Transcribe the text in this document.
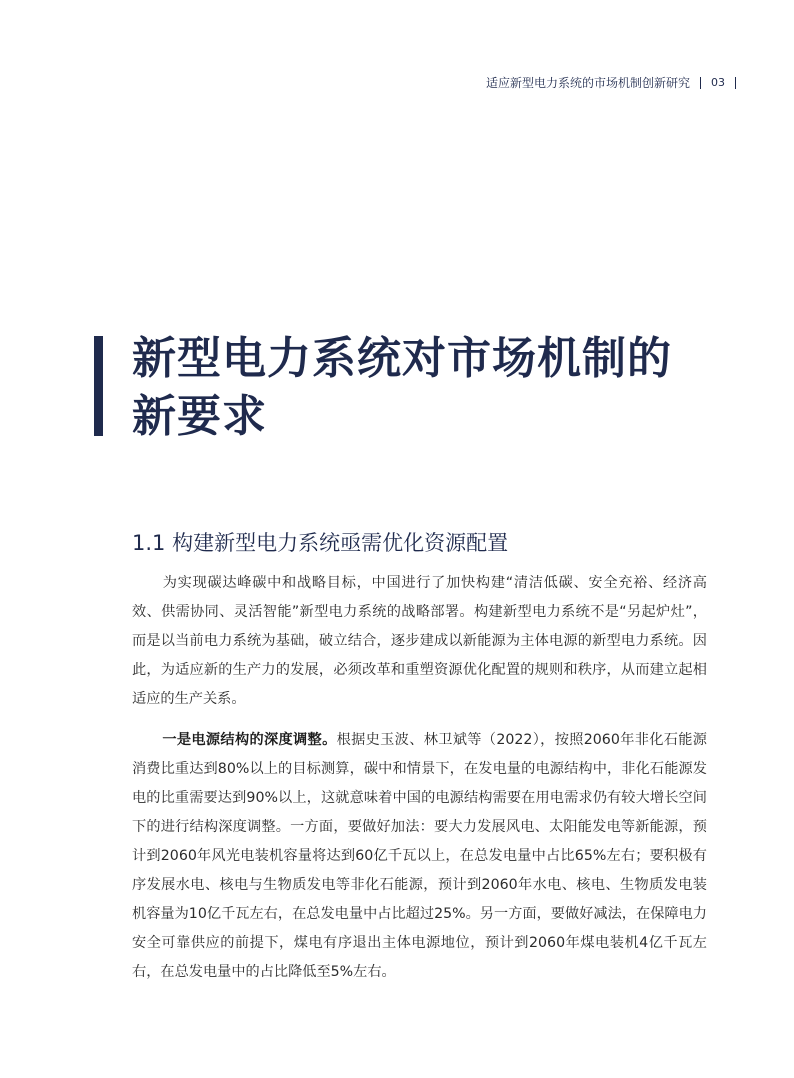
适应新型电力系统的市场机制创新研究 03
新型电力系统对市场机制的新要求
1.1 构建新型电力系统亟需优化资源配置

为实现碳达峰碳中和战略目标，中国进行了加快构建“清洁低碳、安全充裕、经济高效、供需协同、灵活智能”新型电力系统的战略部署。构建新型电力系统不是“另起炉灶”，而是以当前电力系统为基础，破立结合，逐步建成以新能源为主体电源的新型电力系统。因此，为适应新的生产力的发展，必须改革和重塑资源优化配置的规则和秩序，从而建立起相适应的生产关系。

一是电源结构的深度调整。根据史玉波、林卫斌等（2022），按照2060年非化石能源消费比重达到80%以上的目标测算，碳中和情景下，在发电量的电源结构中，非化石能源发电的比重需要达到90%以上，这就意味着中国的电源结构需要在用电需求仍有较大增长空间下的进行结构深度调整。一方面，要做好加法：要大力发展风电、太阳能发电等新能源，预计到2060年风光电装机容量将达到60亿千瓦以上，在总发电量中占比65%左右；要积极有序发展水电、核电与生物质发电等非化石能源，预计到2060年水电、核电、生物质发电装机容量为10亿千瓦左右，在总发电量中占比超过25%。另一方面，要做好减法，在保障电力安全可靠供应的前提下，煤电有序退出主体电源地位，预计到2060年煤电装机4亿千瓦左右，在总发电量中的占比降低至5%左右。
